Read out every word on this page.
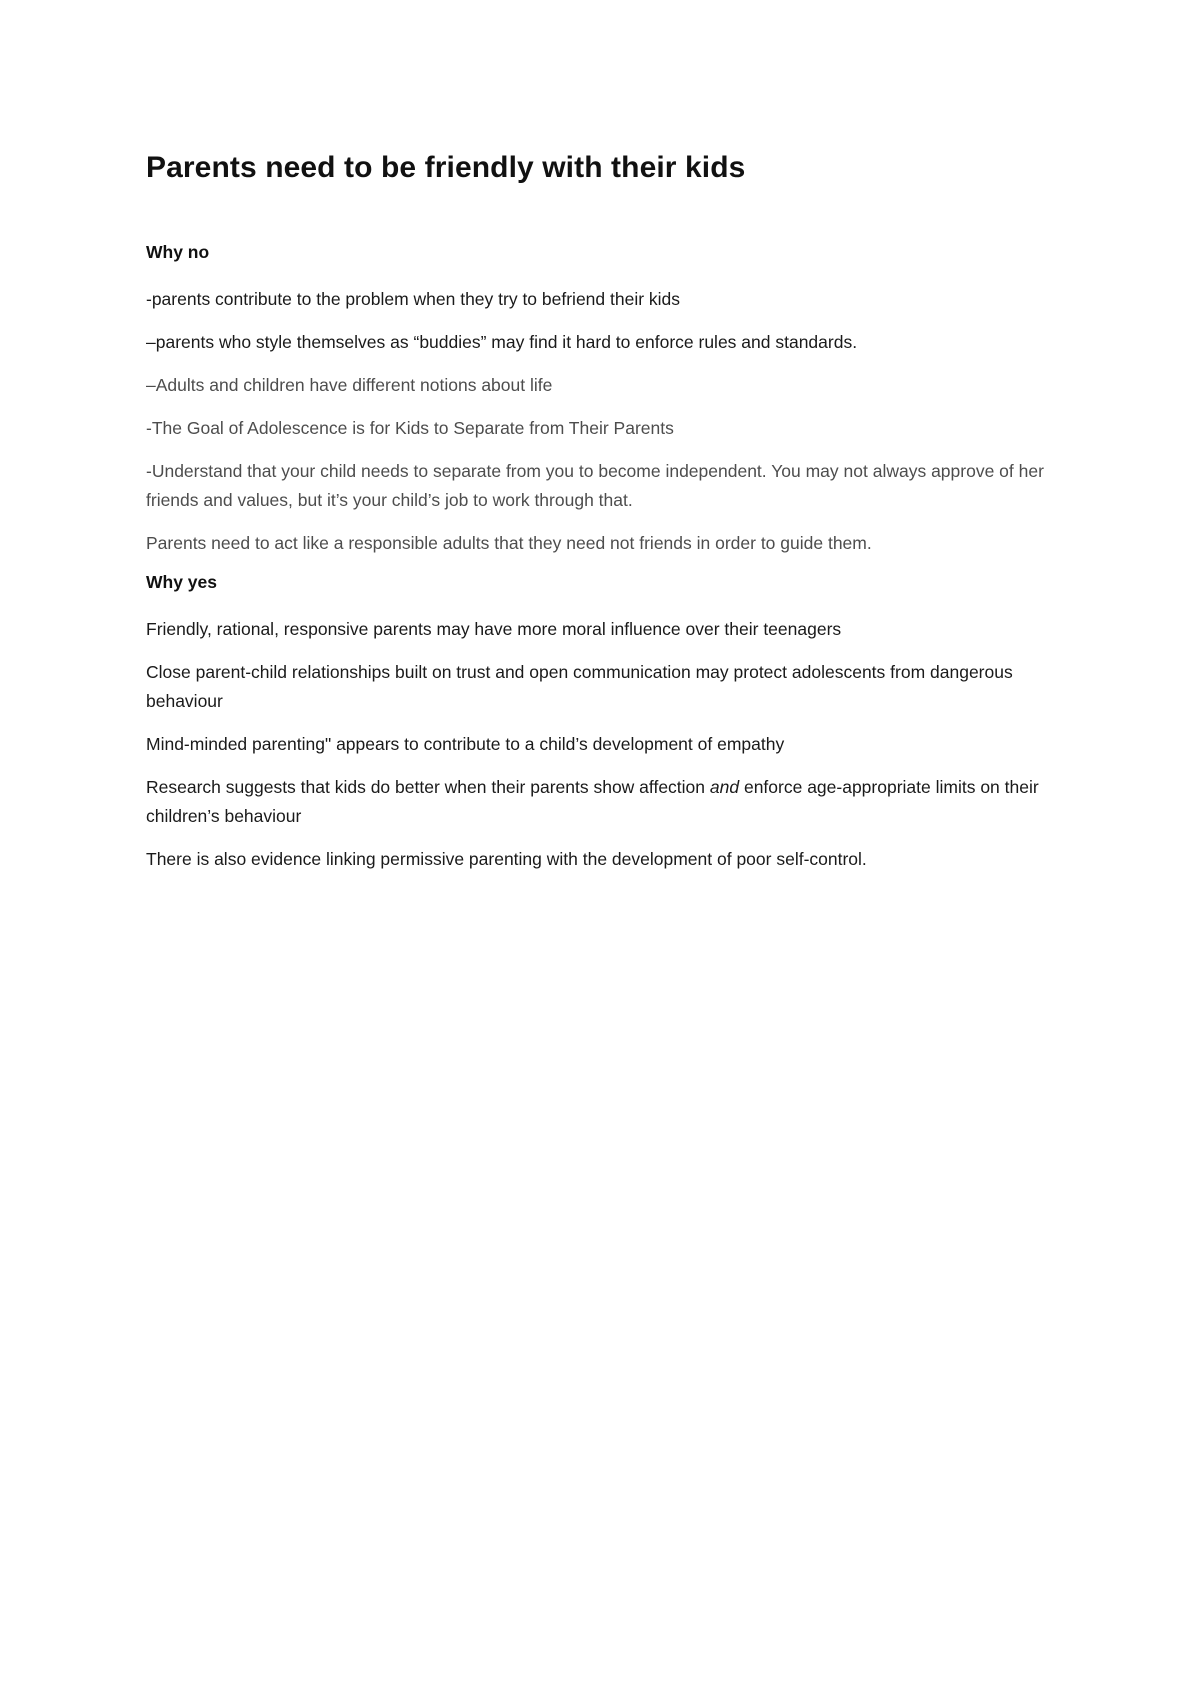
Parents need to be friendly with their kids
Why no

-parents contribute to the problem when they try to befriend their kids

–parents who style themselves as “buddies” may find it hard to enforce rules and standards.

–Adults and children have different notions about life

-The Goal of Adolescence is for Kids to Separate from Their Parents

-Understand that your child needs to separate from you to become independent. You may not always approve of her friends and values, but it’s your child’s job to work through that.

Parents need to act like a responsible adults that they need not friends in order to guide them.

Why yes

Friendly, rational, responsive parents may have more moral influence over their teenagers

Close parent-child relationships built on trust and open communication may protect adolescents from dangerous behaviour

Mind-minded parenting" appears to contribute to a child’s development of empathy

Research suggests that kids do better when their parents show affection and enforce age-appropriate limits on their children’s behaviour

There is also evidence linking permissive parenting with the development of poor self-control.
